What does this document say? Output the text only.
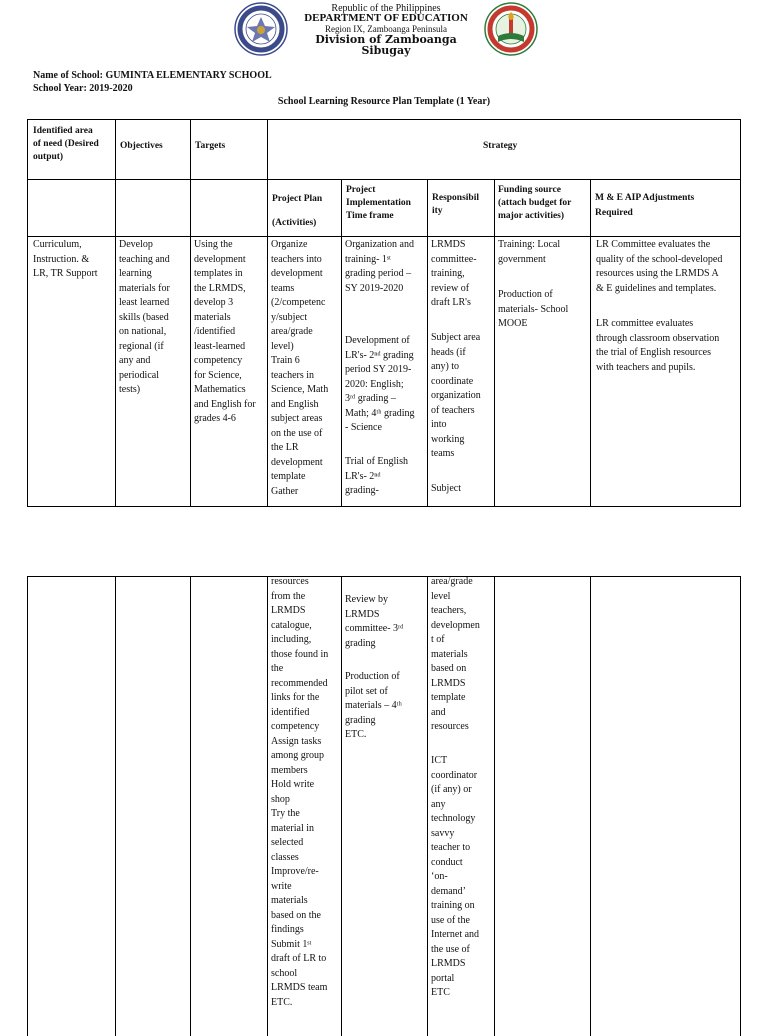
Republic of the Philippines
DEPARTMENT OF EDUCATION
Region IX, Zamboanga Peninsula
Division of Zamboanga Sibugay
Name of School: GUMINTA ELEMENTARY SCHOOL
School Year: 2019-2020
School Learning Resource Plan Template (1 Year)
Identified area
of need (Desired
output)
Objectives	Targets	Strategy
Project Plan
(Activities)
Project
Implementation
Time frame
Responsibil
ity
Funding source
(attach budget for
major activities)
M & E AIP Adjustments
Required
Curriculum,
Instruction. &
LR, TR Support
Develop
teaching and
learning
materials for
least learned
skills (based
on national,
regional (if
any and
periodical
tests)
Using the
development
templates in
the LRMDS,
develop 3
materials
/identified
least-learned
competency
for Science,
Mathematics
and English for
grades 4-6
Organize
teachers into
development
teams
(2/competenc
y/subject
area/grade
level)
Train 6
teachers in
Science, Math
and English
subject areas
on the use of
the LR
development
template
Gather
Organization and
training- 1ˢᵗ
grading period –
SY 2019-2020
Development of
LR's- 2ⁿᵈ grading
period SY 2019-
2020: English;
3ʳᵈ grading –
Math; 4ᵗʰ grading
- Science
Trial of English
LR's- 2ⁿᵈ
grading-
LRMDS
committee-
training,
review of
draft LR's
Subject area
heads (if
any) to
coordinate
organization
of teachers
into
working
teams
Subject
Training: Local
government
Production of
materials- School
MOOE
LR Committee evaluates the
quality of the school-developed
resources using the LRMDS A
& E guidelines and templates.
LR committee evaluates
through classroom observation
the trial of English resources
with teachers and pupils.
resources
from the
LRMDS
catalogue,
including,
those found in
the
recommended
links for the
identified
competency
Assign tasks
among group
members
Hold write
shop
Try the
material in
selected
classes
Improve/re-
write
materials
based on the
findings
Submit 1ˢᵗ
draft of LR to
school
LRMDS team
ETC.
Review by
LRMDS
committee- 3ʳᵈ
grading
Production of
pilot set of
materials – 4ᵗʰ
grading
ETC.
area/grade
level
teachers,
developmen
t of
materials
based on
LRMDS
template
and
resources
ICT
coordinator
(if any) or
any
technology
savvy
teacher to
conduct
‘on-
demand’
training on
use of the
Internet and
the use of
LRMDS
portal
ETC
